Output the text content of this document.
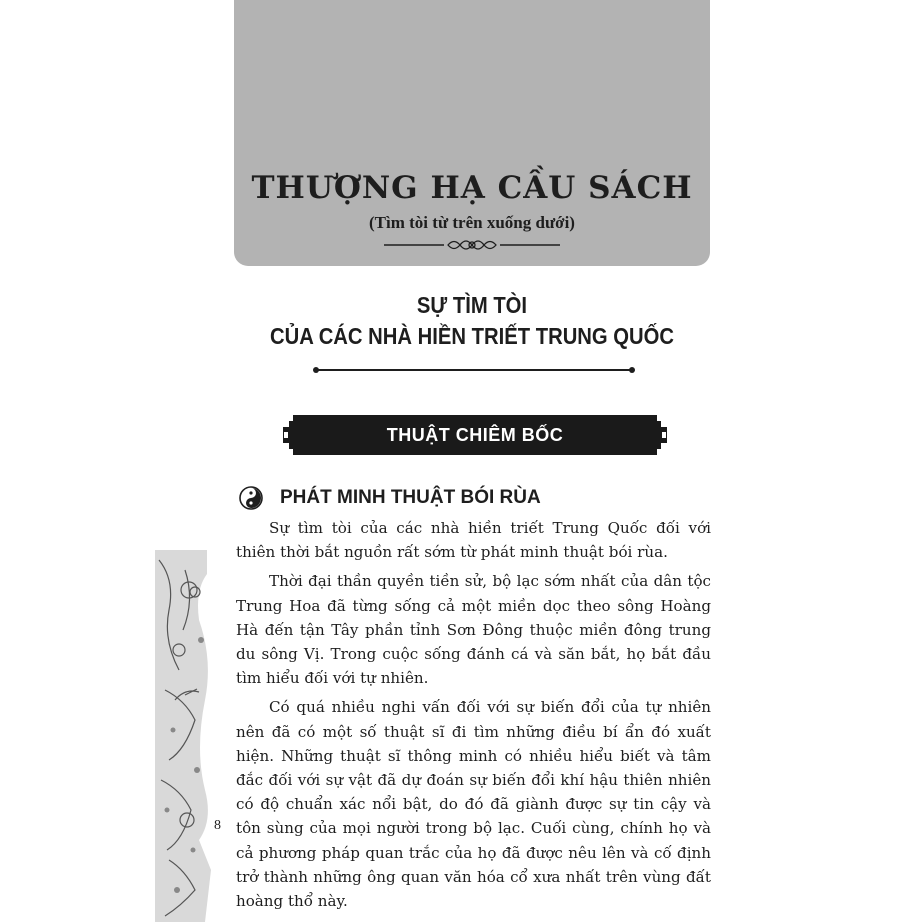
THƯỢNG HẠ CẦU SÁCH
(Tìm tòi từ trên xuống dưới)
SỰ TÌM TÒI
CỦA CÁC NHÀ HIỀN TRIẾT TRUNG QUỐC
THUẬT CHIÊM BỐC
PHÁT MINH THUẬT BÓI RÙA

Sự tìm tòi của các nhà hiền triết Trung Quốc đối với thiên thời bắt nguồn rất sớm từ phát minh thuật bói rùa.

Thời đại thần quyền tiền sử, bộ lạc sớm nhất của dân tộc Trung Hoa đã từng sống cả một miền dọc theo sông Hoàng Hà đến tận Tây phần tỉnh Sơn Đông thuộc miền đông trung du sông Vị. Trong cuộc sống đánh cá và săn bắt, họ bắt đầu tìm hiểu đối với tự nhiên.

Có quá nhiều nghi vấn đối với sự biến đổi của tự nhiên nên đã có một số thuật sĩ đi tìm những điều bí ẩn đó xuất hiện. Những thuật sĩ thông minh có nhiều hiểu biết và tâm đắc đối với sự vật đã dự đoán sự biến đổi khí hậu thiên nhiên có độ chuẩn xác nổi bật, do đó đã giành được sự tin cậy và tôn sùng của mọi người trong bộ lạc. Cuối cùng, chính họ và cả phương pháp quan trắc của họ đã được nêu lên và cố định trở thành những ông quan văn hóa cổ xưa nhất trên vùng đất hoàng thổ này.

8
